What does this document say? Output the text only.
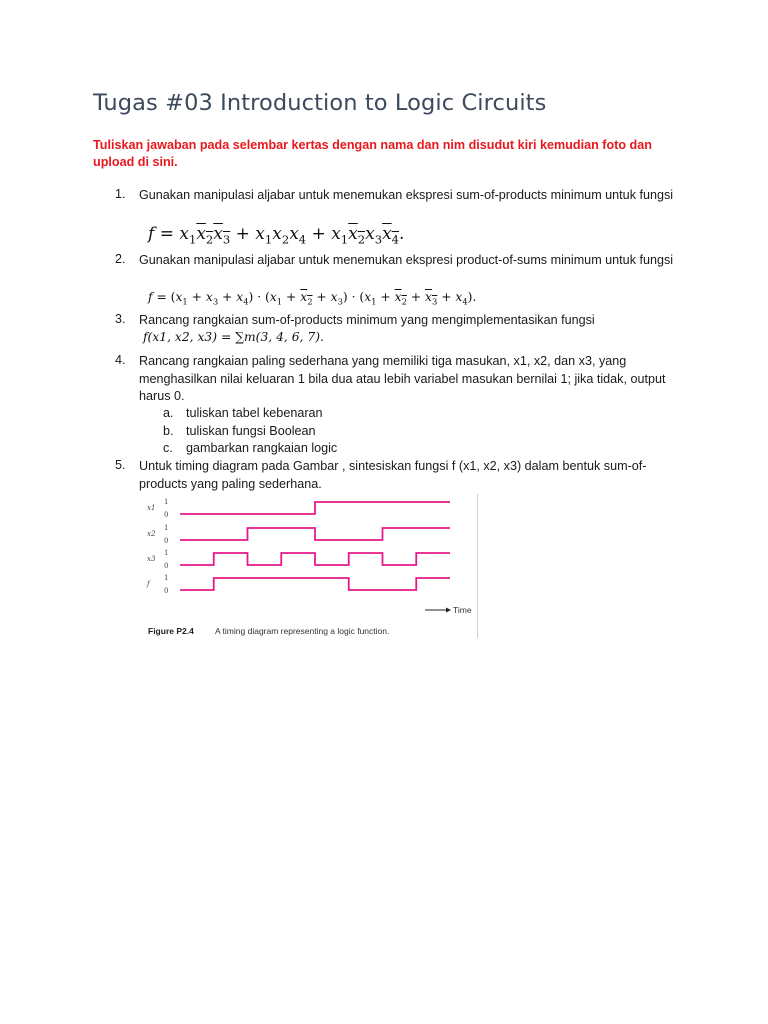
Tugas #03 Introduction to Logic Circuits
Tuliskan jawaban pada selembar kertas dengan nama dan nim disudut kiri kemudian foto dan upload di sini.
1. Gunakan manipulasi aljabar untuk menemukan ekspresi sum-of-products minimum untuk fungsi
$f = x_1x_2x_3 + x_1x_2x_4 + x_1x_2x_3x_4$.
2. Gunakan manipulasi aljabar untuk menemukan ekspresi product-of-sums minimum untuk fungsi
$f = (x_1 + x_3 + x_4) \cdot (x_1 + x_2 + x_3) \cdot (x_1 + x_2 + x_3 + x_4)$.
3. Rancang rangkaian sum-of-products minimum yang mengimplementasikan fungsi
f(x1, x2, x3) = ∑m(3, 4, 6, 7).
4. Rancang rangkaian paling sederhana yang memiliki tiga masukan, x1, x2, dan x3, yang menghasilkan nilai keluaran 1 bila dua atau lebih variabel masukan bernilai 1; jika tidak, output harus 0.
a. tuliskan tabel kebenaran
b. tuliskan fungsi Boolean
c. gambarkan rangkaian logic
5. Untuk timing diagram pada Gambar , sintesiskan fungsi f (x1, x2, x3) dalam bentuk sum-of-products yang paling sederhana.
x1
1
0
x2
1
0
x3
1
0
f
1
0
Time
Figure P2.4 A timing diagram representing a logic function.
